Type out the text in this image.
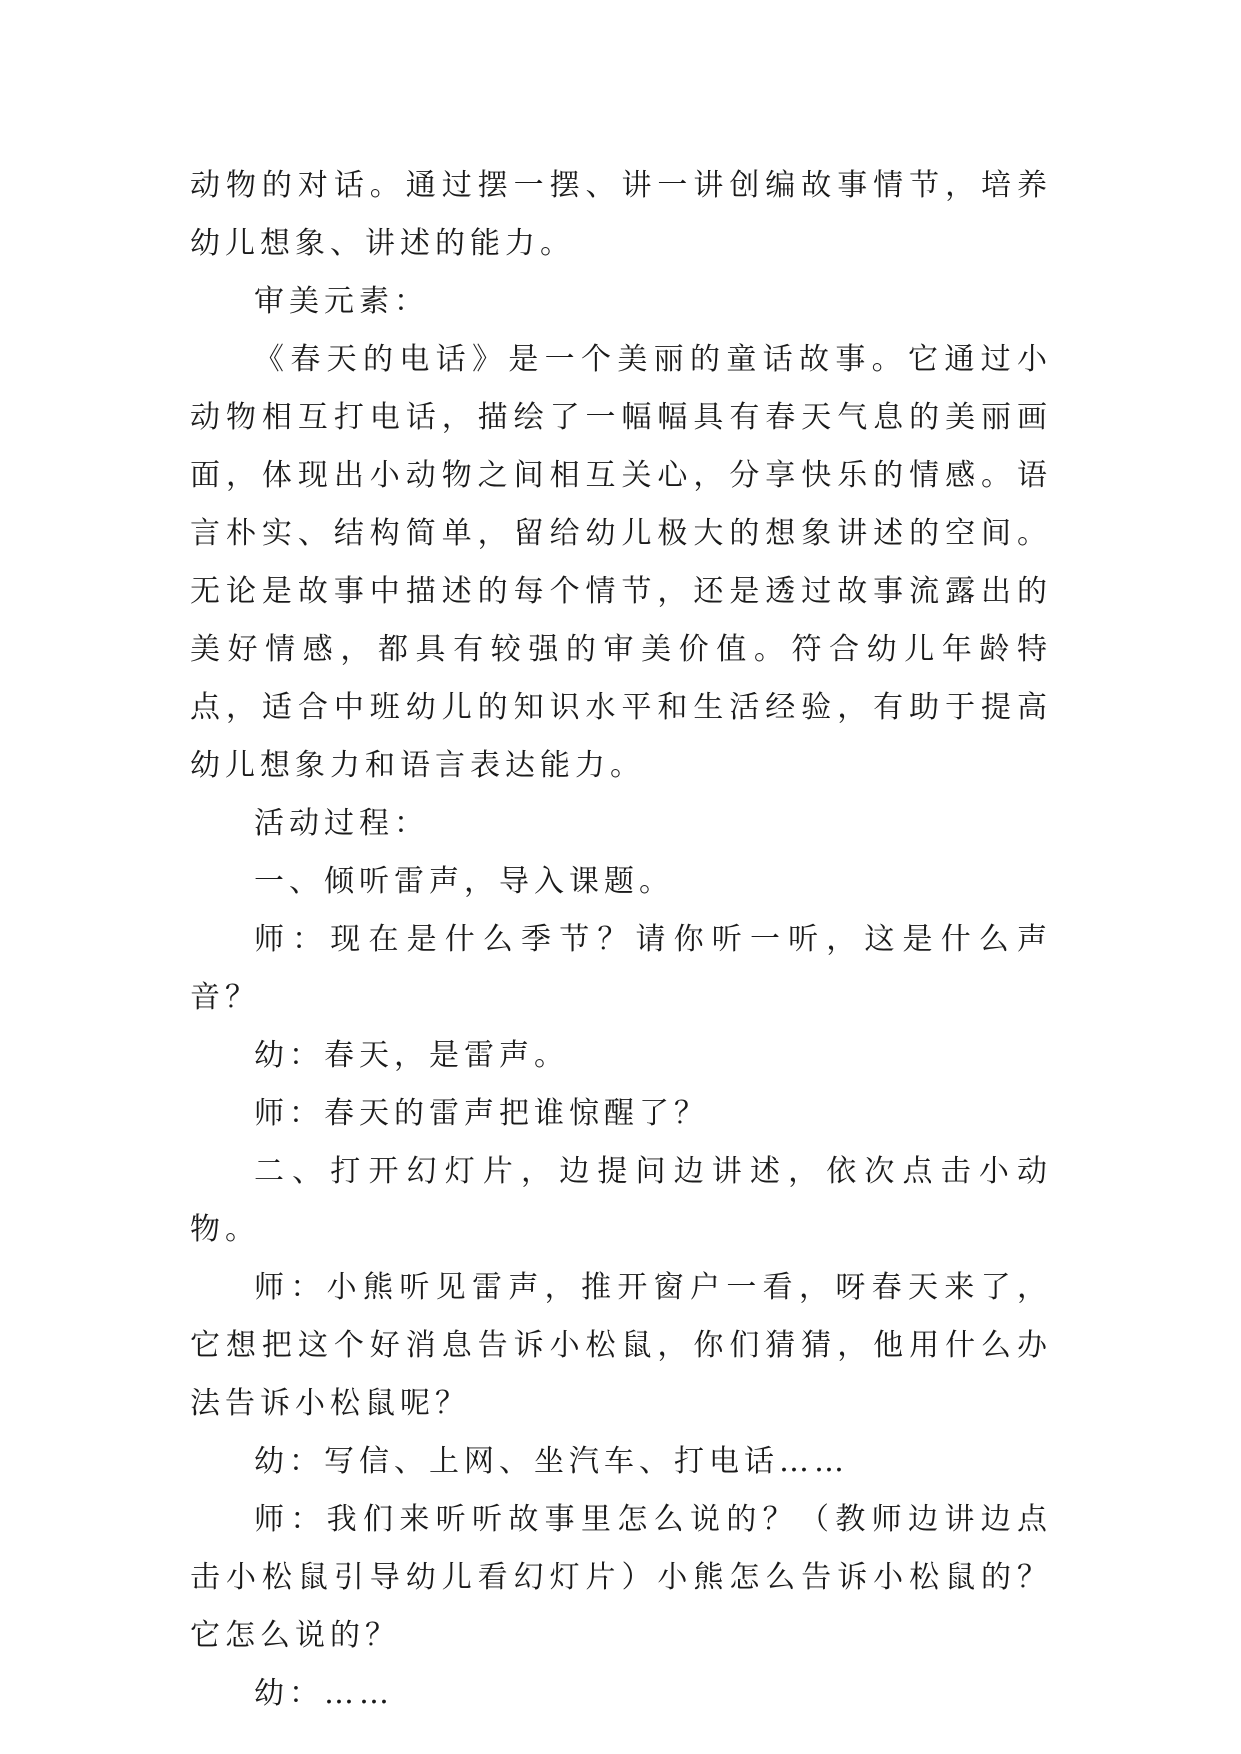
动物的对话。通过摆一摆、讲一讲创编故事情节，培养幼儿想象、讲述的能力。

审美元素：

《春天的电话》是一个美丽的童话故事。它通过小动物相互打电话，描绘了一幅幅具有春天气息的美丽画面，体现出小动物之间相互关心，分享快乐的情感。语言朴实、结构简单，留给幼儿极大的想象讲述的空间。无论是故事中描述的每个情节，还是透过故事流露出的美好情感，都具有较强的审美价值。符合幼儿年龄特点，适合中班幼儿的知识水平和生活经验，有助于提高幼儿想象力和语言表达能力。

活动过程：

一、倾听雷声，导入课题。

师：现在是什么季节？请你听一听，这是什么声音？

幼：春天，是雷声。

师：春天的雷声把谁惊醒了？

二、打开幻灯片，边提问边讲述，依次点击小动物。

师：小熊听见雷声，推开窗户一看，呀春天来了，它想把这个好消息告诉小松鼠，你们猜猜，他用什么办法告诉小松鼠呢？

幼：写信、上网、坐汽车、打电话……

师：我们来听听故事里怎么说的？（教师边讲边点击小松鼠引导幼儿看幻灯片）小熊怎么告诉小松鼠的？它怎么说的？

幼：……
